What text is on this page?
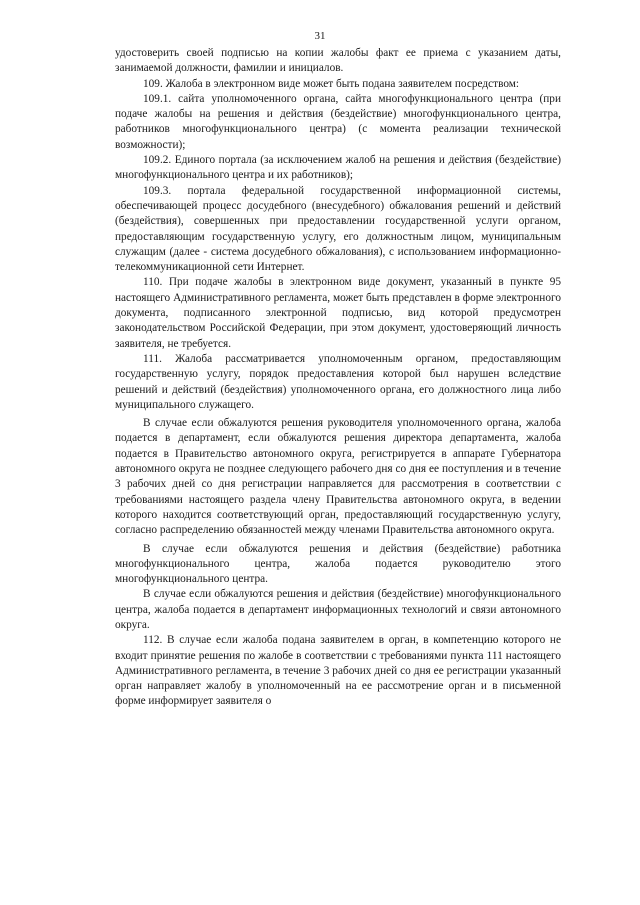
31

удостоверить своей подписью на копии жалобы факт ее приема с указанием даты, занимаемой должности, фамилии и инициалов.

109. Жалоба в электронном виде может быть подана заявителем посредством:

109.1. сайта уполномоченного органа, сайта многофункционального центра (при подаче жалобы на решения и действия (бездействие) многофункционального центра, работников многофункционального центра) (с момента реализации технической возможности);

109.2. Единого портала (за исключением жалоб на решения и действия (бездействие) многофункционального центра и их работников);

109.3. портала федеральной государственной информационной системы, обеспечивающей процесс досудебного (внесудебного) обжалования решений и действий (бездействия), совершенных при предоставлении государственной услуги органом, предоставляющим государственную услугу, его должностным лицом, муниципальным служащим (далее - система досудебного обжалования), с использованием информационно-телекоммуникационной сети Интернет.

110. При подаче жалобы в электронном виде документ, указанный в пункте 95 настоящего Административного регламента, может быть представлен в форме электронного документа, подписанного электронной подписью, вид которой предусмотрен законодательством Российской Федерации, при этом документ, удостоверяющий личность заявителя, не требуется.

111. Жалоба рассматривается уполномоченным органом, предоставляющим государственную услугу, порядок предоставления которой был нарушен вследствие решений и действий (бездействия) уполномоченного органа, его должностного лица либо муниципального служащего.

В случае если обжалуются решения руководителя уполномоченного органа, жалоба подается в департамент, если обжалуются решения директора департамента, жалоба подается в Правительство автономного округа, регистрируется в аппарате Губернатора автономного округа не позднее следующего рабочего дня со дня ее поступления и в течение 3 рабочих дней со дня регистрации направляется для рассмотрения в соответствии с требованиями настоящего раздела члену Правительства автономного округа, в ведении которого находится соответствующий орган, предоставляющий государственную услугу, согласно распределению обязанностей между членами Правительства автономного округа.

В случае если обжалуются решения и действия (бездействие) работника многофункционального центра, жалоба подается руководителю этого многофункционального центра.

В случае если обжалуются решения и действия (бездействие) многофункционального центра, жалоба подается в департамент информационных технологий и связи автономного округа.

112. В случае если жалоба подана заявителем в орган, в компетенцию которого не входит принятие решения по жалобе в соответствии с требованиями пункта 111 настоящего Административного регламента, в течение 3 рабочих дней со дня ее регистрации указанный орган направляет жалобу в уполномоченный на ее рассмотрение орган и в письменной форме информирует заявителя о
